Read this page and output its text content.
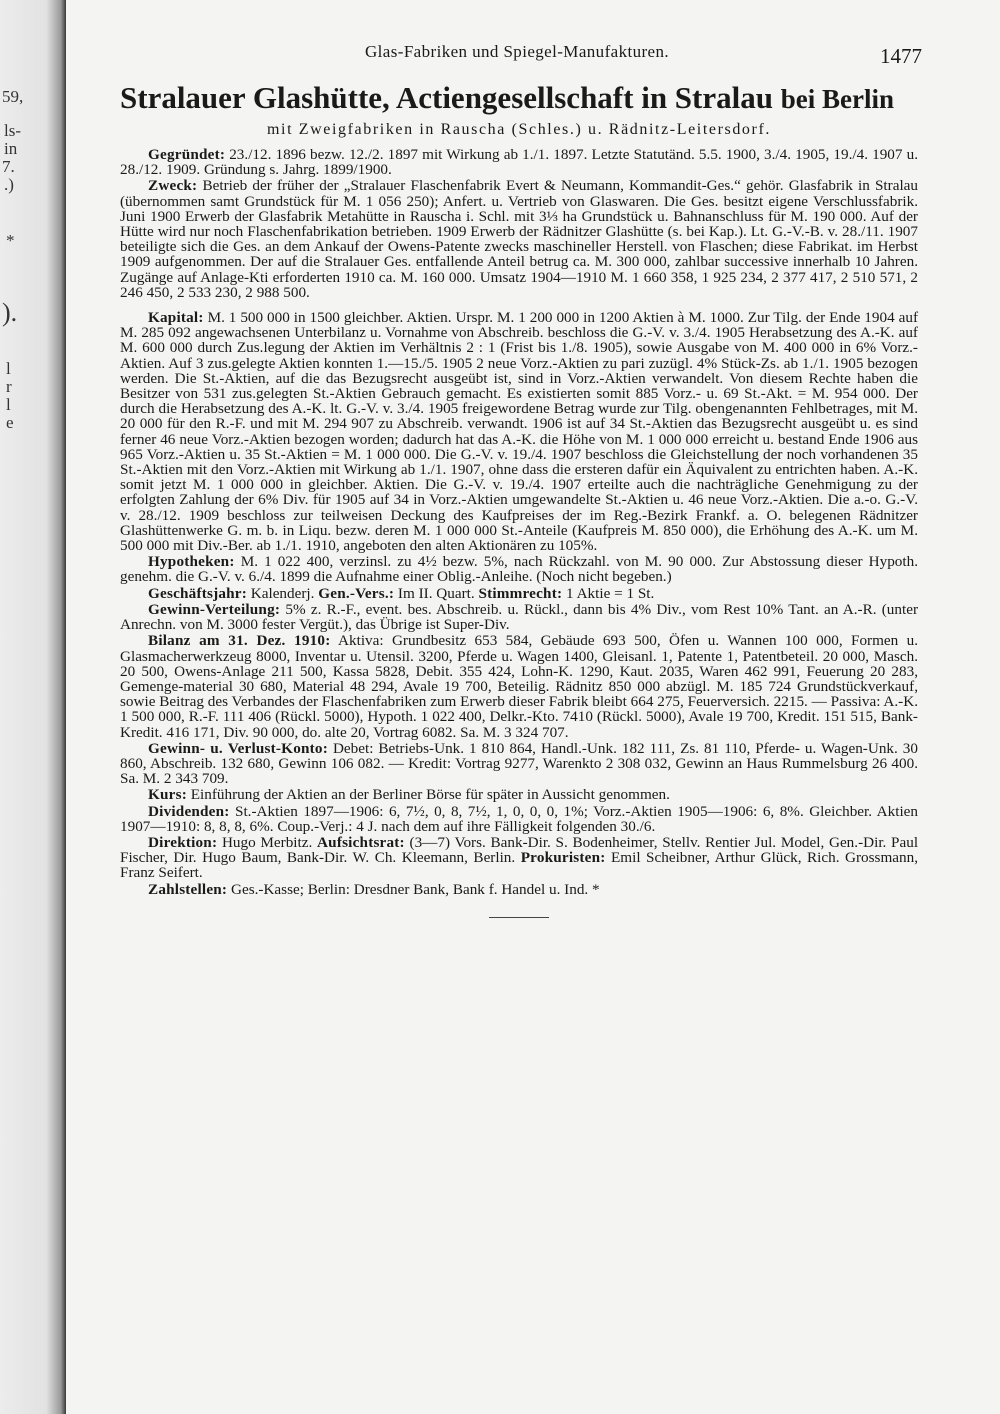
59,
ls-
in
7.
.)
*
).
l
r
l
e
Glas-Fabriken und Spiegel-Manufakturen.	1477
Stralauer Glashütte, Actiengesellschaft in Stralau bei Berlin
mit Zweigfabriken in Rauscha (Schles.) u. Rädnitz-Leitersdorf.

Gegründet: 23./12. 1896 bezw. 12./2. 1897 mit Wirkung ab 1./1. 1897. Letzte Statutänd. 5.5. 1900, 3./4. 1905, 19./4. 1907 u. 28./12. 1909. Gründung s. Jahrg. 1899/1900.

Zweck: Betrieb der früher der „Stralauer Flaschenfabrik Evert & Neumann, Kommandit-Ges.“ gehör. Glasfabrik in Stralau (übernommen samt Grundstück für M. 1 056 250); Anfert. u. Vertrieb von Glaswaren. Die Ges. besitzt eigene Verschlussfabrik. Juni 1900 Erwerb der Glasfabrik Metahütte in Rauscha i. Schl. mit 3⅓ ha Grundstück u. Bahnanschluss für M. 190 000. Auf der Hütte wird nur noch Flaschenfabrikation betrieben. 1909 Erwerb der Rädnitzer Glashütte (s. bei Kap.). Lt. G.-V.-B. v. 28./11. 1907 beteiligte sich die Ges. an dem Ankauf der Owens-Patente zwecks maschineller Herstell. von Flaschen; diese Fabrikat. im Herbst 1909 aufgenommen. Der auf die Stralauer Ges. entfallende Anteil betrug ca. M. 300 000, zahlbar successive innerhalb 10 Jahren. Zugänge auf Anlage-Kti erforderten 1910 ca. M. 160 000. Umsatz 1904—1910 M. 1 660 358, 1 925 234, 2 377 417, 2 510 571, 2 246 450, 2 533 230, 2 988 500.

Kapital: M. 1 500 000 in 1500 gleichber. Aktien. Urspr. M. 1 200 000 in 1200 Aktien à M. 1000. Zur Tilg. der Ende 1904 auf M. 285 092 angewachsenen Unterbilanz u. Vornahme von Abschreib. beschloss die G.-V. v. 3./4. 1905 Herabsetzung des A.-K. auf M. 600 000 durch Zus.legung der Aktien im Verhältnis 2 : 1 (Frist bis 1./8. 1905), sowie Ausgabe von M. 400 000 in 6% Vorz.-Aktien. Auf 3 zus.gelegte Aktien konnten 1.—15./5. 1905 2 neue Vorz.-Aktien zu pari zuzügl. 4% Stück-Zs. ab 1./1. 1905 bezogen werden. Die St.-Aktien, auf die das Bezugsrecht ausgeübt ist, sind in Vorz.-Aktien verwandelt. Von diesem Rechte haben die Besitzer von 531 zus.gelegten St.-Aktien Gebrauch gemacht. Es existierten somit 885 Vorz.- u. 69 St.-Akt. = M. 954 000. Der durch die Herabsetzung des A.-K. lt. G.-V. v. 3./4. 1905 freigewordene Betrag wurde zur Tilg. obengenannten Fehlbetrages, mit M. 20 000 für den R.-F. und mit M. 294 907 zu Abschreib. verwandt. 1906 ist auf 34 St.-Aktien das Bezugsrecht ausgeübt u. es sind ferner 46 neue Vorz.-Aktien bezogen worden; dadurch hat das A.-K. die Höhe von M. 1 000 000 erreicht u. bestand Ende 1906 aus 965 Vorz.-Aktien u. 35 St.-Aktien = M. 1 000 000. Die G.-V. v. 19./4. 1907 beschloss die Gleichstellung der noch vorhandenen 35 St.-Aktien mit den Vorz.-Aktien mit Wirkung ab 1./1. 1907, ohne dass die ersteren dafür ein Äquivalent zu entrichten haben. A.-K. somit jetzt M. 1 000 000 in gleichber. Aktien. Die G.-V. v. 19./4. 1907 erteilte auch die nachträgliche Genehmigung zu der erfolgten Zahlung der 6% Div. für 1905 auf 34 in Vorz.-Aktien umgewandelte St.-Aktien u. 46 neue Vorz.-Aktien. Die a.-o. G.-V. v. 28./12. 1909 beschloss zur teilweisen Deckung des Kaufpreises der im Reg.-Bezirk Frankf. a. O. belegenen Rädnitzer Glashüttenwerke G. m. b. in Liqu. bezw. deren M. 1 000 000 St.-Anteile (Kaufpreis M. 850 000), die Erhöhung des A.-K. um M. 500 000 mit Div.-Ber. ab 1./1. 1910, angeboten den alten Aktionären zu 105%.

Hypotheken: M. 1 022 400, verzinsl. zu 4½ bezw. 5%, nach Rückzahl. von M. 90 000. Zur Abstossung dieser Hypoth. genehm. die G.-V. v. 6./4. 1899 die Aufnahme einer Oblig.-Anleihe. (Noch nicht begeben.)

Geschäftsjahr: Kalenderj. Gen.-Vers.: Im II. Quart. Stimmrecht: 1 Aktie = 1 St.

Gewinn-Verteilung: 5% z. R.-F., event. bes. Abschreib. u. Rückl., dann bis 4% Div., vom Rest 10% Tant. an A.-R. (unter Anrechn. von M. 3000 fester Vergüt.), das Übrige ist Super-Div.

Bilanz am 31. Dez. 1910: Aktiva: Grundbesitz 653 584, Gebäude 693 500, Öfen u. Wannen 100 000, Formen u. Glasmacherwerkzeug 8000, Inventar u. Utensil. 3200, Pferde u. Wagen 1400, Gleisanl. 1, Patente 1, Patentbeteil. 20 000, Masch. 20 500, Owens-Anlage 211 500, Kassa 5828, Debit. 355 424, Lohn-K. 1290, Kaut. 2035, Waren 462 991, Feuerung 20 283, Gemenge-material 30 680, Material 48 294, Avale 19 700, Beteilig. Rädnitz 850 000 abzügl. M. 185 724 Grundstückverkauf, sowie Beitrag des Verbandes der Flaschenfabriken zum Erwerb dieser Fabrik bleibt 664 275, Feuerversich. 2215. — Passiva: A.-K. 1 500 000, R.-F. 111 406 (Rückl. 5000), Hypoth. 1 022 400, Delkr.-Kto. 7410 (Rückl. 5000), Avale 19 700, Kredit. 151 515, Bank-Kredit. 416 171, Div. 90 000, do. alte 20, Vortrag 6082. Sa. M. 3 324 707.

Gewinn- u. Verlust-Konto: Debet: Betriebs-Unk. 1 810 864, Handl.-Unk. 182 111, Zs. 81 110, Pferde- u. Wagen-Unk. 30 860, Abschreib. 132 680, Gewinn 106 082. — Kredit: Vortrag 9277, Warenkto 2 308 032, Gewinn an Haus Rummelsburg 26 400. Sa. M. 2 343 709.

Kurs: Einführung der Aktien an der Berliner Börse für später in Aussicht genommen.

Dividenden: St.-Aktien 1897—1906: 6, 7½, 0, 8, 7½, 1, 0, 0, 0, 1%; Vorz.-Aktien 1905—1906: 6, 8%. Gleichber. Aktien 1907—1910: 8, 8, 8, 6%. Coup.-Verj.: 4 J. nach dem auf ihre Fälligkeit folgenden 30./6.

Direktion: Hugo Merbitz. Aufsichtsrat: (3—7) Vors. Bank-Dir. S. Bodenheimer, Stellv. Rentier Jul. Model, Gen.-Dir. Paul Fischer, Dir. Hugo Baum, Bank-Dir. W. Ch. Kleemann, Berlin. Prokuristen: Emil Scheibner, Arthur Glück, Rich. Grossmann, Franz Seifert.

Zahlstellen: Ges.-Kasse; Berlin: Dresdner Bank, Bank f. Handel u. Ind. *
